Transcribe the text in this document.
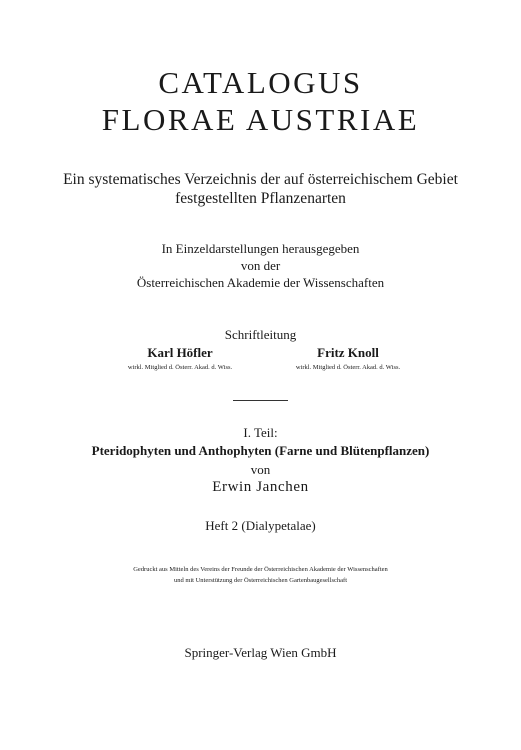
CATALOGUS
FLORAE AUSTRIAE
Ein systematisches Verzeichnis der auf österreichischem Gebiet
festgestellten Pflanzenarten
In Einzeldarstellungen herausgegeben
von der
Österreichischen Akademie der Wissenschaften
Schriftleitung
Karl Höfler
wirkl. Mitglied d. Österr. Akad. d. Wiss.
Fritz Knoll
wirkl. Mitglied d. Österr. Akad. d. Wiss.
I. Teil:
Pteridophyten und Anthophyten (Farne und Blütenpflanzen)
von
Erwin Janchen
Heft 2 (Dialypetalae)
Gedruckt aus Mitteln des Vereins der Freunde der Österreichischen Akademie der Wissenschaften
und mit Unterstützung der Österreichischen Gartenbaugesellschaft
Springer-Verlag Wien GmbH
